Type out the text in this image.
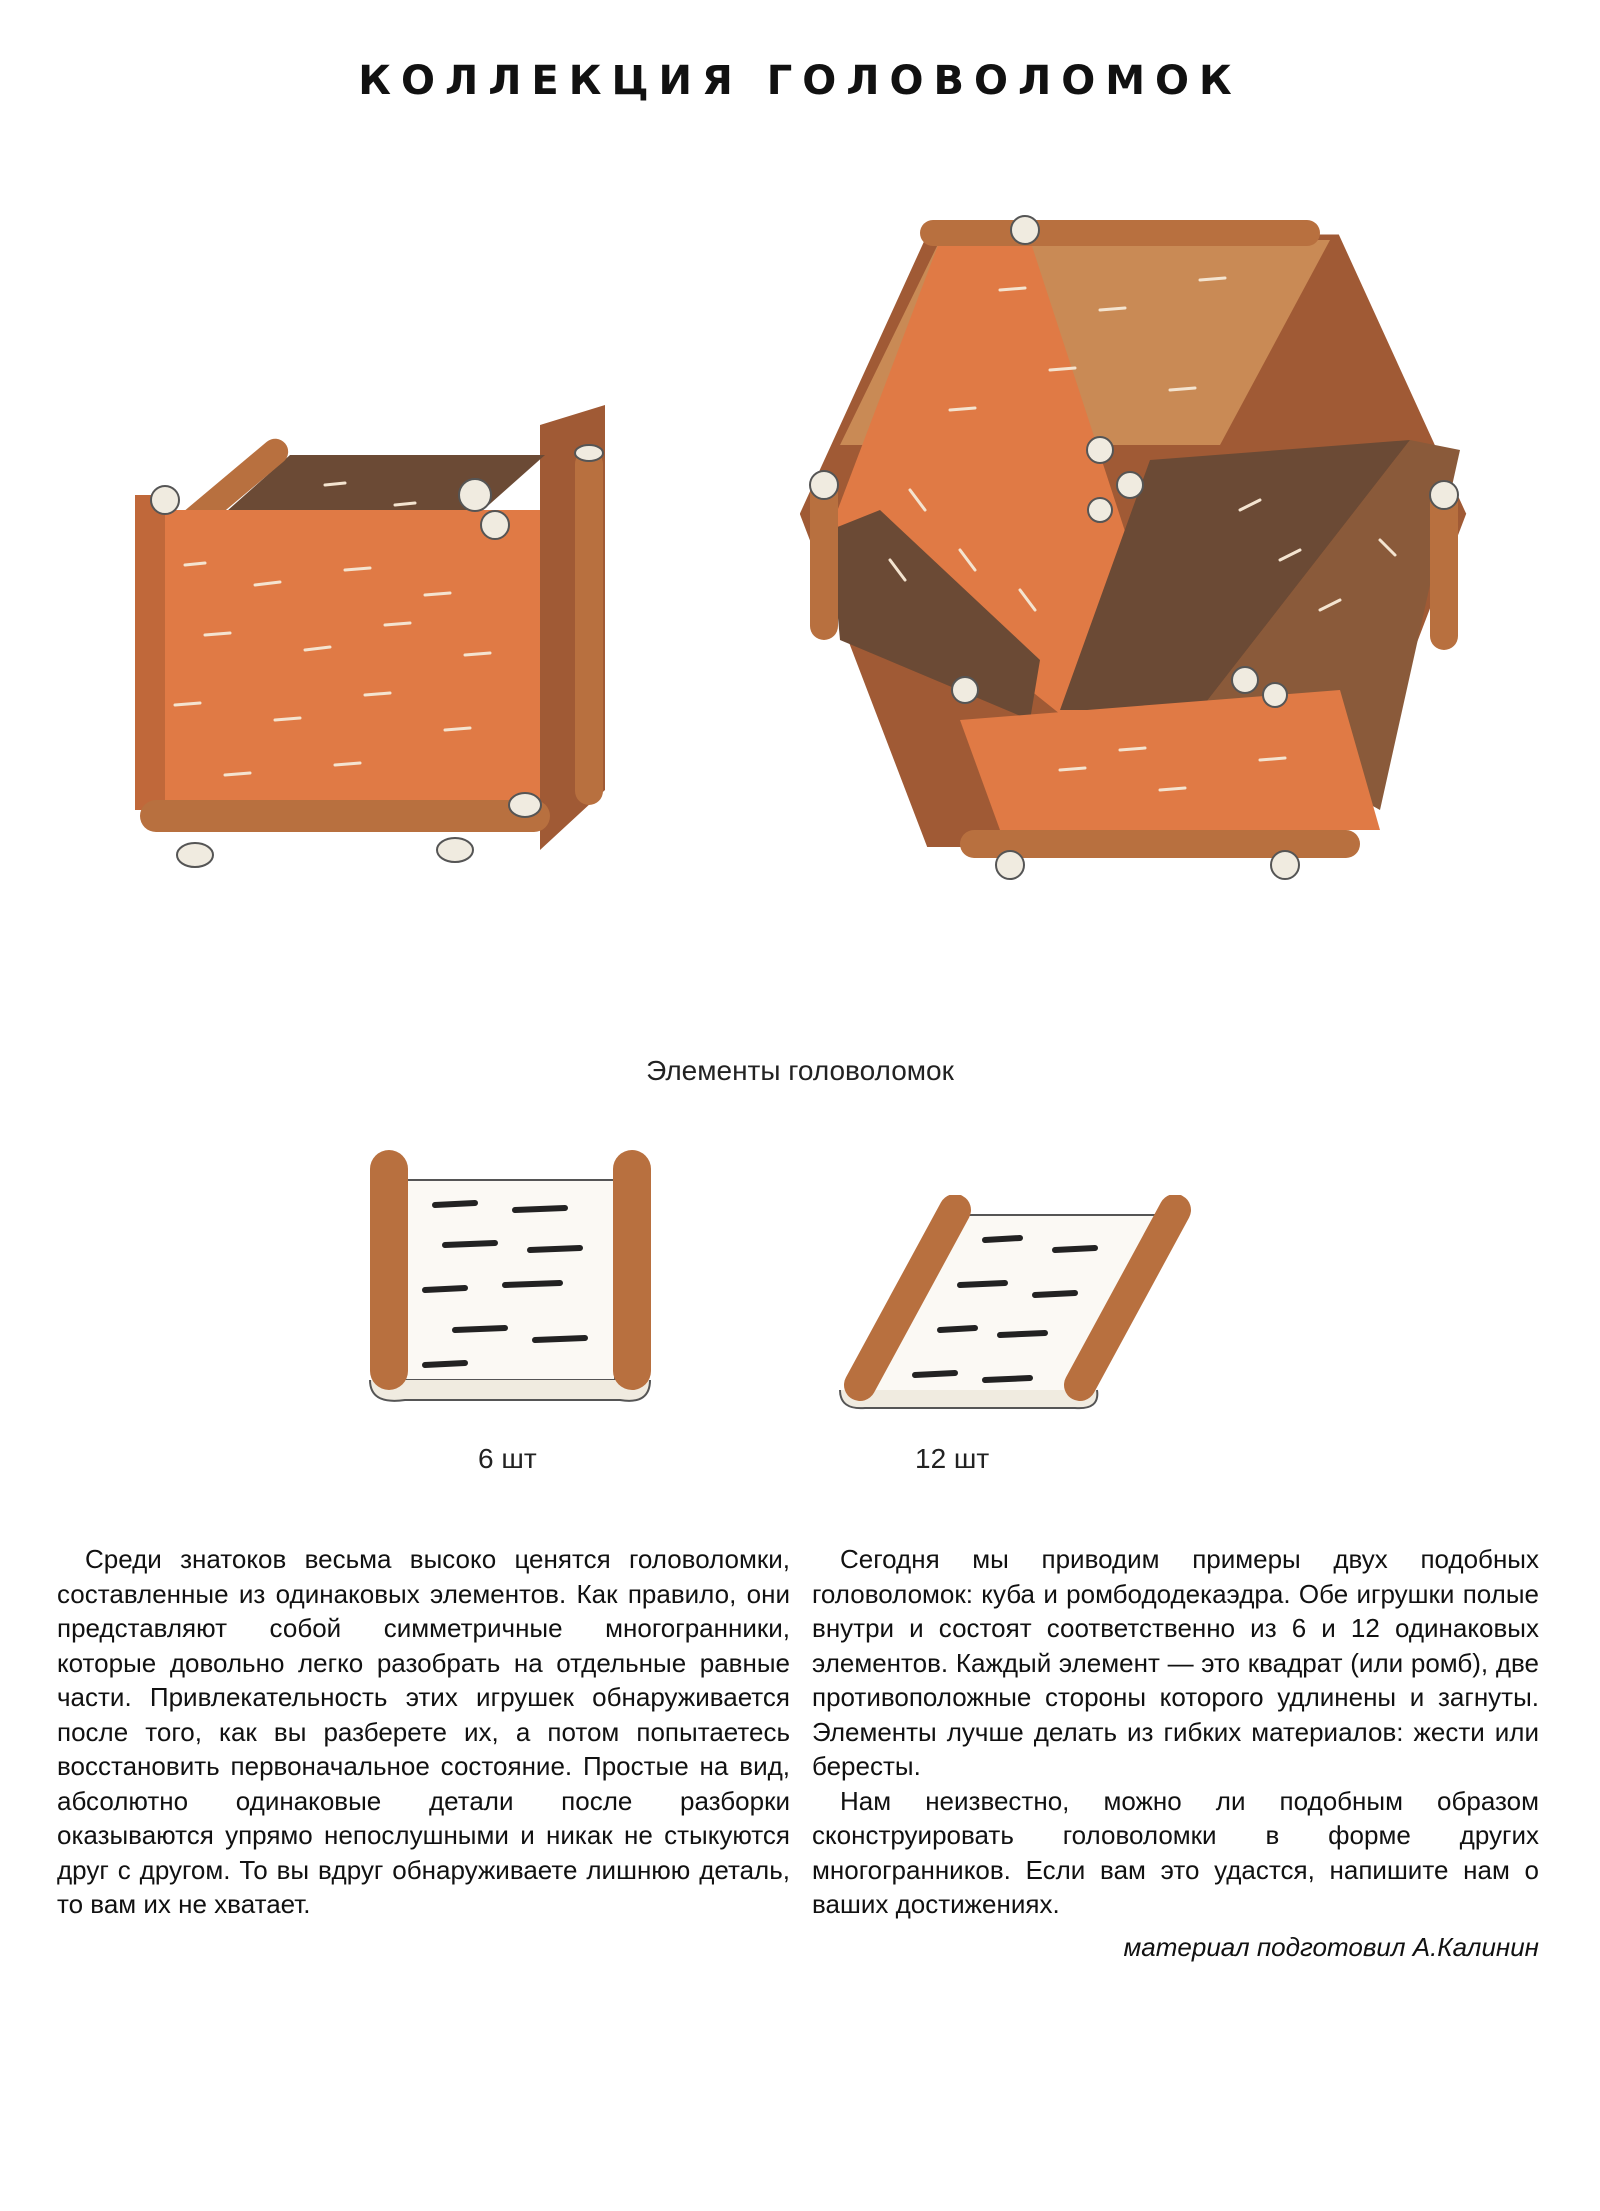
КОЛЛЕКЦИЯ ГОЛОВОЛОМОК
Элементы головоломок
6 шт	12 шт

Среди знатоков весьма высоко ценятся головоломки, составленные из одинаковых элементов. Как правило, они представляют собой симметричные многогранники, которые довольно легко разобрать на отдельные равные части. Привлекательность этих игрушек обнаруживается после того, как вы разберете их, а потом попытаетесь восстановить первоначальное состояние. Простые на вид, абсолютно одинаковые детали после разборки оказываются упрямо непослушными и никак не стыкуются друг с другом. То вы вдруг обнаруживаете лишнюю деталь, то вам их не хватает.

Сегодня мы приводим примеры двух подобных головоломок: куба и ромбододекаэдра. Обе игрушки полые внутри и состоят соответственно из 6 и 12 одинаковых элементов. Каждый элемент — это квадрат (или ромб), две противоположные стороны которого удлинены и загнуты. Элементы лучше делать из гибких материалов: жести или бересты.

Нам неизвестно, можно ли подобным образом сконструировать головоломки в форме других многогранников. Если вам это удастся, напишите нам о ваших достижениях.

материал подготовил А.Калинин
